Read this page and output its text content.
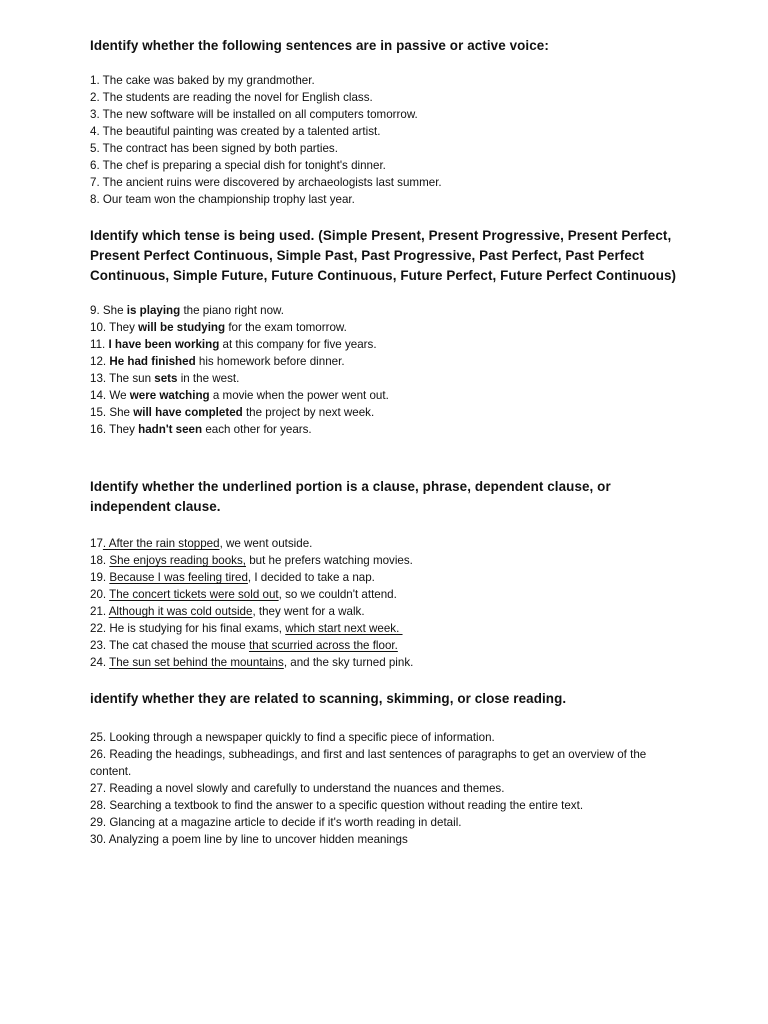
Identify whether the following sentences are in passive or active voice:

1. The cake was baked by my grandmother.
2. The students are reading the novel for English class.
3. The new software will be installed on all computers tomorrow.
4. The beautiful painting was created by a talented artist.
5. The contract has been signed by both parties.
6. The chef is preparing a special dish for tonight's dinner.
7. The ancient ruins were discovered by archaeologists last summer.
8. Our team won the championship trophy last year.

Identify which tense is being used. (Simple Present, Present Progressive, Present Perfect, Present Perfect Continuous, Simple Past, Past Progressive, Past Perfect, Past Perfect Continuous, Simple Future, Future Continuous, Future Perfect, Future Perfect Continuous)

9. She is playing the piano right now.
10. They will be studying for the exam tomorrow.
11. I have been working at this company for five years.
12. He had finished his homework before dinner.
13. The sun sets in the west.
14. We were watching a movie when the power went out.
15. She will have completed the project by next week.
16. They hadn't seen each other for years.

Identify whether the underlined portion is a clause, phrase, dependent clause, or independent clause.

17. After the rain stopped, we went outside.
18. She enjoys reading books, but he prefers watching movies.
19. Because I was feeling tired, I decided to take a nap.
20. The concert tickets were sold out, so we couldn't attend.
21. Although it was cold outside, they went for a walk.
22. He is studying for his final exams, which start next week.
23. The cat chased the mouse that scurried across the floor.
24. The sun set behind the mountains, and the sky turned pink.

identify whether they are related to scanning, skimming, or close reading.

25. Looking through a newspaper quickly to find a specific piece of information.
26. Reading the headings, subheadings, and first and last sentences of paragraphs to get an overview of the content.
27. Reading a novel slowly and carefully to understand the nuances and themes.
28. Searching a textbook to find the answer to a specific question without reading the entire text.
29. Glancing at a magazine article to decide if it's worth reading in detail.
30. Analyzing a poem line by line to uncover hidden meanings
